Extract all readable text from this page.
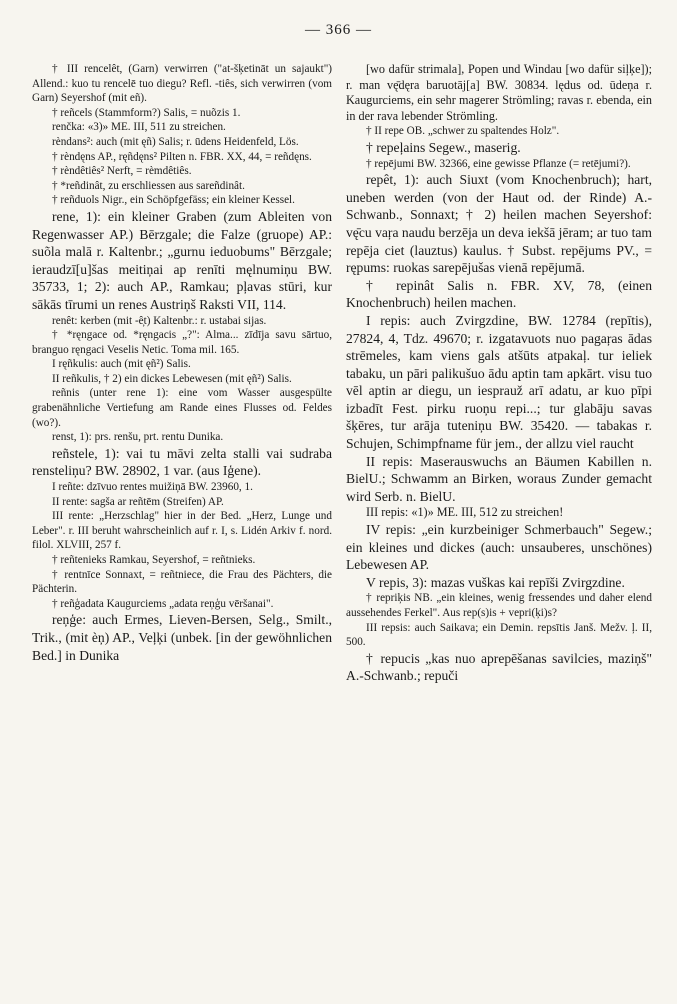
— 366 —

† III rencelêt, (Garn) verwirren ("at-šķetināt un sajaukt") Allend.: kuo tu rencelē tuo diegu? Refl. -tiês, sich verwirren (vom Garn) Seyershof (mit eñ).

† reñcels (Stammform?) Salis, = nuõzis 1.

renčka: «3)» ME. III, 511 zu streichen.

rèndans²: auch (mit ęñ) Salis; r. ūdens Heidenfeld, Lös.

† rèndęns AP., ręñdęns² Pilten n. FBR. XX, 44, = reñdęns.

† rèndêtiês² Nerft, = rèmdêtiês.

† *reñdinât, zu erschliessen aus sareñdinât.

† reñduols Nigr., ein Schöpfgefäss; ein kleiner Kessel.

rene, 1): ein kleiner Graben (zum Ableiten von Regenwasser AP.) Bērzgale; die Falze (gruope) AP.: suõla malā r. Kaltenbr.; „gurnu ieduobums" Bērzgale; ieraudzī[u]šas meitiņai ap renīti męlnumiņu BW. 35733, 1; 2): auch AP., Ramkau; pļavas stūri, kur sākās tīrumi un renes Austriņš Raksti VII, 114.

renêt: kerben (mit -ê̦t) Kaltenbr.: r. ustabai sijas.

† *ręngace od. *ręngacis „?": Alma... zīdīja savu sārtuo, branguo ręngaci Veselis Netic. Toma mil. 165.

I ręñkulis: auch (mit ęñ²) Salis.

II reñkulis, † 2) ein dickes Lebewesen (mit ęñ²) Salis.

reñnis (unter rene 1): eine vom Wasser ausgespülte grabenähnliche Vertiefung am Rande eines Flusses od. Feldes (wo?).

renst, 1): prs. renšu, prt. rentu Dunika.

reñstele, 1): vai tu māvi zelta stalli vai sudraba rensteliņu? BW. 28902, 1 var. (aus Iģene).

I reñte: dzīvuo rentes muižiņā BW. 23960, 1.

II rente: sagša ar reñtēm (Streifen) AP.

III rente: „Herzschlag" hier in der Bed. „Herz, Lunge und Leber". r. III beruht wahrscheinlich auf r. I, s. Lidén Arkiv f. nord. filol. XLVIII, 257 f.

† reñtenieks Ramkau, Seyershof, = reñtnieks.

† rentnīce Sonnaxt, = reñtniece, die Frau des Pächters, die Pächterin.

† reñģadata Kaugurciems „adata reņģu vēršanai".

reņģe: auch Ermes, Lieven-Bersen, Selg., Smilt., Trik., (mit èņ) AP., Veļķi (unbek. [in der gewöhnlichen Bed.] in Dunika

[wo dafür strimala], Popen und Windau [wo dafür siļķe]); r. man vę̄dęra baruotāj[a] BW. 30834. lędus od. ūdeņa r. Kaugurciems, ein sehr magerer Strömling; ravas r. ebenda, ein in der rava lebender Strömling.

† II repe OB. „schwer zu spaltendes Holz".

† repeļains Segew., maserig.

† repējumi BW. 32366, eine gewisse Pflanze (= retējumi?).

repêt, 1): auch Siuxt (vom Knochenbruch); hart, uneben werden (von der Haut od. der Rinde) A.-Schwanb., Sonnaxt; † 2) heilen machen Seyershof: vę̄cu vaŗa naudu berzēja un deva iekšā jēram; ar tuo tam repēja ciet (lauztus) kaulus. † Subst. repējums PV., = rępums: ruokas sarepējušas vienā repējumā.

† repinât Salis n. FBR. XV, 78, (einen Knochenbruch) heilen machen.

I repis: auch Zvirgzdine, BW. 12784 (repītis), 27824, 4, Tdz. 49670; r. izgatavuots nuo pagaŗas ādas strēmeles, kam viens gals atšūts atpakaļ. tur ieliek tabaku, un pāri palikušuo ādu aptin tam apkārt. visu tuo vēl aptin ar diegu, un iesprauž arī adatu, ar kuo pīpi izbadīt Fest. pirku ruoņu repi...; tur glabāju savas šķēres, tur arāja tuteniņu BW. 35420. — tabakas r. Schujen, Schimpfname für jem., der allzu viel raucht

II repis: Maserauswuchs an Bäumen Kabillen n. BielU.; Schwamm an Birken, woraus Zunder gemacht wird Serb. n. BielU.

III repis: «1)» ME. III, 512 zu streichen!

IV repis: „ein kurzbeiniger Schmerbauch" Segew.; ein kleines und dickes (auch: unsauberes, unschönes) Lebewesen AP.

V repis, 3): mazas vuškas kai repīši Zvirgzdine.

† repriķis NB. „ein kleines, wenig fressendes und daher elend aussehendes Ferkel". Aus rep(s)is + vepri(ķi)s?

III repsis: auch Saikava; ein Demin. repsītis Janš. Mežv. ļ. II, 500.

† repucis „kas nuo aprepēšanas savilcies, maziņš" A.-Schwanb.; repuči
